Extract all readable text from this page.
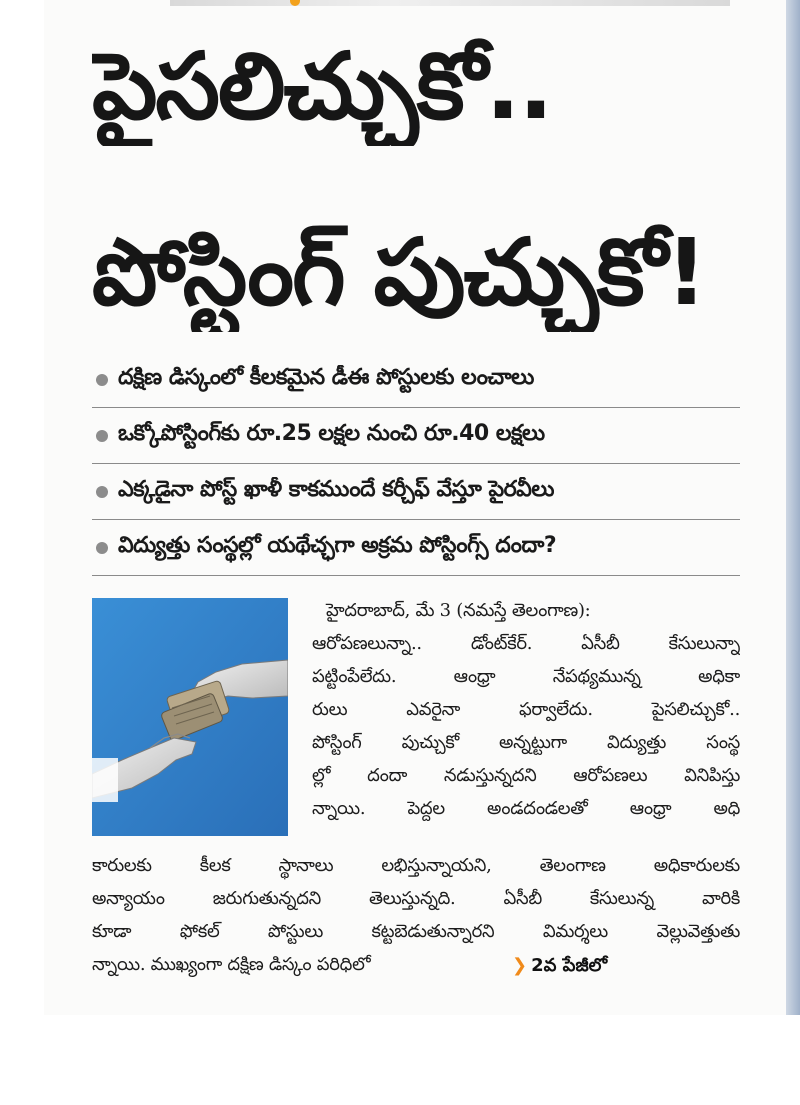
పైసలిచ్చుకో..
పోస్టింగ్ పుచ్చుకో!
దక్షిణ డిస్కంలో కీలకమైన డీఈ పోస్టులకు లంచాలు
ఒక్కోపోస్టింగ్‌కు రూ.25 లక్షల నుంచి రూ.40 లక్షలు
ఎక్కడైనా పోస్ట్ ఖాళీ కాకముందే కర్చీఫ్ వేస్తూ పైరవీలు
విద్యుత్తు సంస్థల్లో యథేచ్ఛగా అక్రమ పోస్టింగ్స్ దందా?
హైదరాబాద్, మే 3 (నమస్తే తెలంగాణ):
ఆరోపణలున్నా.. డోంట్‌కేర్. ఏసీబీ కేసులున్నా
పట్టింపేలేదు. ఆంధ్రా నేపథ్యమున్న అధికా
రులు ఎవరైనా ఫర్వాలేదు. పైసలిచ్చుకో..
పోస్టింగ్ పుచ్చుకో అన్నట్టుగా విద్యుత్తు సంస్థ
ల్లో దందా నడుస్తున్నదని ఆరోపణలు వినిపిస్తు
న్నాయి. పెద్దల అండదండలతో ఆంధ్రా అధి
కారులకు కీలక స్థానాలు లభిస్తున్నాయని, తెలంగాణ అధికారులకు
అన్యాయం జరుగుతున్నదని తెలుస్తున్నది. ఏసీబీ కేసులున్న వారికి
కూడా ఫోకల్ పోస్టులు కట్టబెడుతున్నారని విమర్శలు వెల్లువెత్తుతు
న్నాయి. ముఖ్యంగా దక్షిణ డిస్కం పరిధిలో	❯ 2వ పేజీలో
